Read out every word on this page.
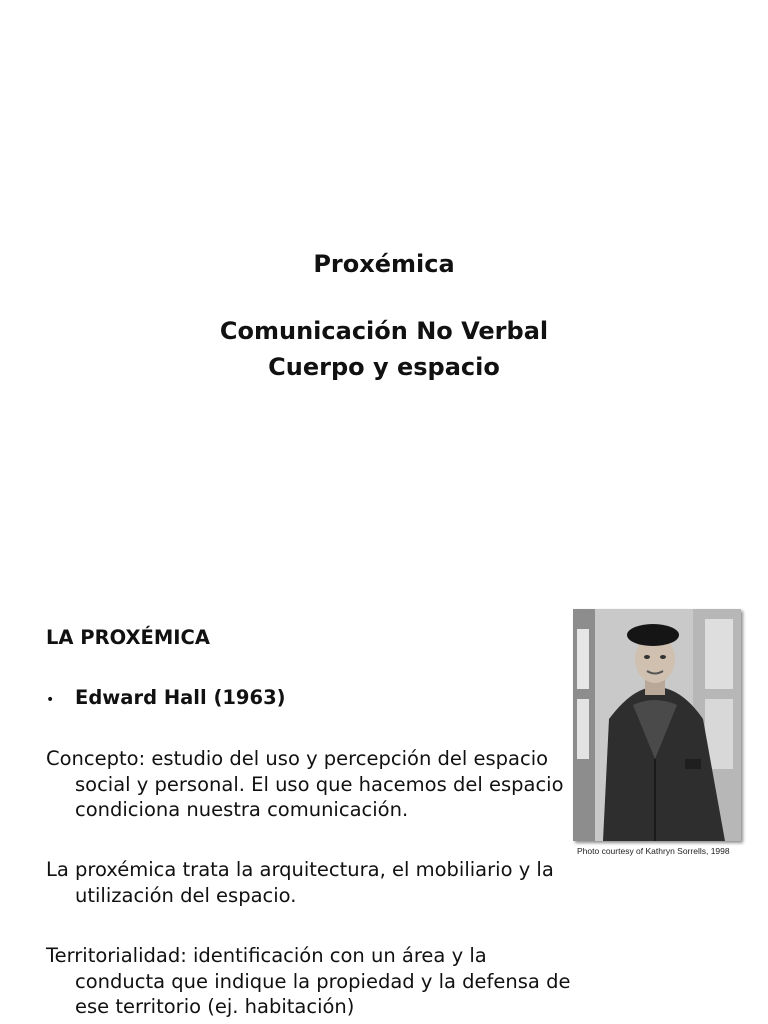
Proxémica
Comunicación No Verbal
Cuerpo y espacio
LA PROXÉMICA
•	Edward Hall (1963)
Concepto: estudio del uso y percepción del espacio social y personal. El uso que hacemos del espacio condiciona nuestra comunicación.
La proxémica trata la arquitectura, el mobiliario y la utilización del espacio.
Territorialidad: identificación con un área y la conducta que indique la propiedad y la defensa de ese territorio (ej. habitación)
Photo courtesy of Kathryn Sorrells, 1998
